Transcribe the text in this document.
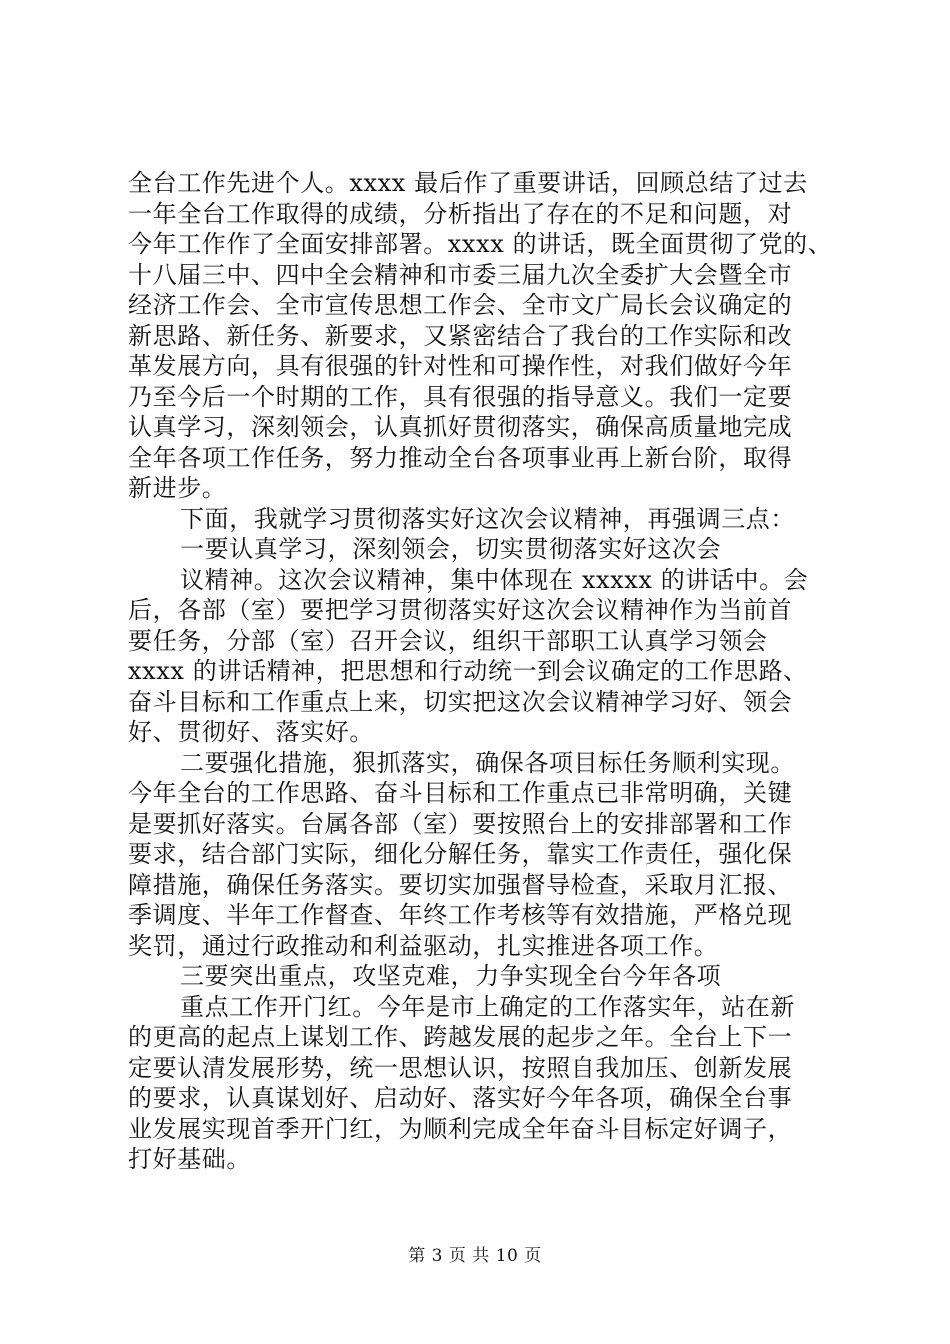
全台工作先进个人。xxxx 最后作了重要讲话，回顾总结了过去
一年全台工作取得的成绩，分析指出了存在的不足和问题，对
今年工作作了全面安排部署。xxxx 的讲话，既全面贯彻了党的、
十八届三中、四中全会精神和市委三届九次全委扩大会暨全市
经济工作会、全市宣传思想工作会、全市文广局长会议确定的
新思路、新任务、新要求，又紧密结合了我台的工作实际和改
革发展方向，具有很强的针对性和可操作性，对我们做好今年
乃至今后一个时期的工作，具有很强的指导意义。我们一定要
认真学习，深刻领会，认真抓好贯彻落实，确保高质量地完成
全年各项工作任务，努力推动全台各项事业再上新台阶，取得
新进步。
下面，我就学习贯彻落实好这次会议精神，再强调三点：
一要认真学习，深刻领会，切实贯彻落实好这次会
议精神。这次会议精神，集中体现在 xxxxx 的讲话中。会
后，各部（室）要把学习贯彻落实好这次会议精神作为当前首
要任务，分部（室）召开会议，组织干部职工认真学习领会
xxxx 的讲话精神，把思想和行动统一到会议确定的工作思路、
奋斗目标和工作重点上来，切实把这次会议精神学习好、领会
好、贯彻好、落实好。
二要强化措施，狠抓落实，确保各项目标任务顺利实现。
今年全台的工作思路、奋斗目标和工作重点已非常明确，关键
是要抓好落实。台属各部（室）要按照台上的安排部署和工作
要求，结合部门实际，细化分解任务，靠实工作责任，强化保
障措施，确保任务落实。要切实加强督导检查，采取月汇报、
季调度、半年工作督查、年终工作考核等有效措施，严格兑现
奖罚，通过行政推动和利益驱动，扎实推进各项工作。
三要突出重点，攻坚克难，力争实现全台今年各项
重点工作开门红。今年是市上确定的工作落实年，站在新
的更高的起点上谋划工作、跨越发展的起步之年。全台上下一
定要认清发展形势，统一思想认识，按照自我加压、创新发展
的要求，认真谋划好、启动好、落实好今年各项，确保全台事
业发展实现首季开门红，为顺利完成全年奋斗目标定好调子，
打好基础。
第 3 页 共 10 页
